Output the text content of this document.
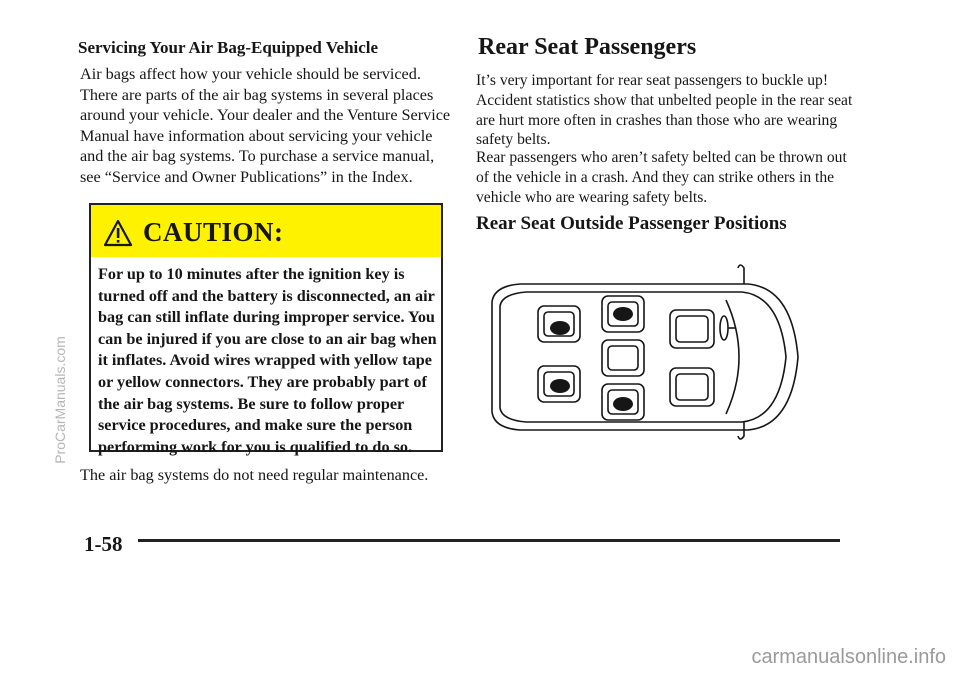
Servicing Your Air Bag-Equipped Vehicle
Air bags affect how your vehicle should be serviced. There are parts of the air bag systems in several places around your vehicle. Your dealer and the Venture Service Manual have information about servicing your vehicle and the air bag systems. To purchase a service manual, see “Service and Owner Publications” in the Index.
CAUTION:
For up to 10 minutes after the ignition key is turned off and the battery is disconnected, an air bag can still inflate during improper service. You can be injured if you are close to an air bag when it inflates. Avoid wires wrapped with yellow tape or yellow connectors. They are probably part of the air bag systems. Be sure to follow proper service procedures, and make sure the person performing work for you is qualified to do so.
The air bag systems do not need regular maintenance.
Rear Seat Passengers
It’s very important for rear seat passengers to buckle up! Accident statistics show that unbelted people in the rear seat are hurt more often in crashes than those who are wearing safety belts.
Rear passengers who aren’t safety belted can be thrown out of the vehicle in a crash. And they can strike others in the vehicle who are wearing safety belts.
Rear Seat Outside Passenger Positions
1-58
ProCarManuals.com
carmanualsonline.info
